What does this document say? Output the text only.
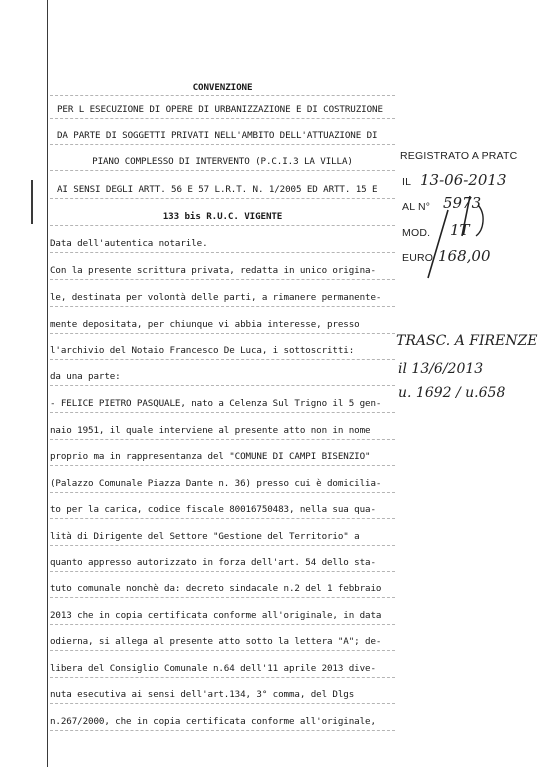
CONVENZIONE
PER L ESECUZIONE DI OPERE DI URBANIZZAZIONE E DI COSTRUZIONE
DA PARTE DI SOGGETTI PRIVATI NELL'AMBITO DELL'ATTUAZIONE DI
PIANO COMPLESSO DI INTERVENTO (P.C.I.3 LA VILLA)
AI SENSI DEGLI ARTT. 56 E 57 L.R.T. N. 1/2005 ED ARTT. 15 E
133 bis R.U.C. VIGENTE
Data dell'autentica notarile.
Con la presente scrittura privata, redatta in unico origina-
le, destinata per volontà delle parti, a rimanere permanente-
mente depositata, per chiunque vi abbia interesse, presso
l'archivio del Notaio Francesco De Luca, i sottoscritti:
da una parte:
- FELICE PIETRO PASQUALE, nato a Celenza Sul Trigno il 5 gen-
naio 1951, il quale interviene al presente atto non in nome
proprio ma in rappresentanza del "COMUNE DI CAMPI BISENZIO"
(Palazzo Comunale Piazza Dante n. 36) presso cui è domicilia-
to per la carica, codice fiscale 80016750483, nella sua qua-
lità di Dirigente del Settore "Gestione del Territorio" a
quanto appresso autorizzato in forza dell'art. 54 dello sta-
tuto comunale nonchè da: decreto sindacale n.2 del 1 febbraio
2013 che in copia certificata conforme all'originale, in data
odierna, si allega al presente atto sotto la lettera "A"; de-
libera del Consiglio Comunale n.64 dell'11 aprile 2013 dive-
nuta esecutiva ai sensi dell'art.134, 3° comma, del Dlgs
n.267/2000, che in copia certificata conforme all'originale,
REGISTRATO A PRATC
IL 13-06-2013
AL N° 5973
MOD. 1T
EURO 168,00
TRASC. A FIRENZE
il 13/6/2013
u. 1692 / u.658
